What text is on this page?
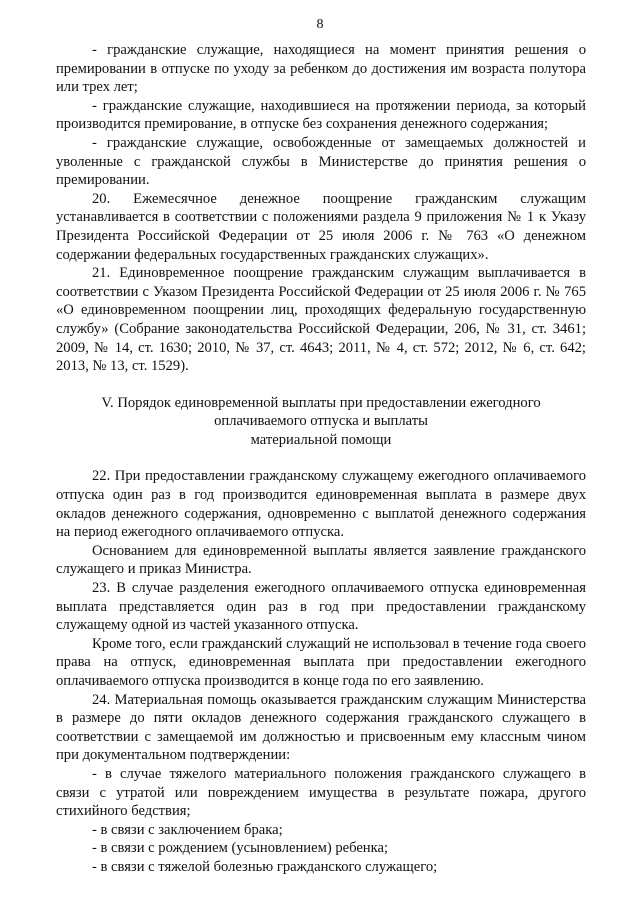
8

- гражданские служащие, находящиеся на момент принятия решения о премировании в отпуске по уходу за ребенком до достижения им возраста полутора или трех лет;

- гражданские служащие, находившиеся на протяжении периода, за который производится премирование, в отпуске без сохранения денежного содержания;

- гражданские служащие, освобожденные от замещаемых должностей и уволенные с гражданской службы в Министерстве до принятия решения о премировании.

20. Ежемесячное денежное поощрение гражданским служащим устанавливается в соответствии с положениями раздела 9 приложения № 1 к Указу Президента Российской Федерации от 25 июля 2006 г. № 763 «О денежном содержании федеральных государственных гражданских служащих».

21. Единовременное поощрение гражданским служащим выплачивается в соответствии с Указом Президента Российской Федерации от 25 июля 2006 г. № 765 «О единовременном поощрении лиц, проходящих федеральную государственную службу» (Собрание законодательства Российской Федерации, 206, № 31, ст. 3461; 2009, № 14, ст. 1630; 2010, № 37, ст. 4643; 2011, № 4, ст. 572; 2012, № 6, ст. 642; 2013, № 13, ст. 1529).

V. Порядок единовременной выплаты при предоставлении ежегодного
оплачиваемого отпуска и выплаты
материальной помощи

22. При предоставлении гражданскому служащему ежегодного оплачиваемого отпуска один раз в год производится единовременная выплата в размере двух окладов денежного содержания, одновременно с выплатой денежного содержания на период ежегодного оплачиваемого отпуска.

Основанием для единовременной выплаты является заявление гражданского служащего и приказ Министра.

23. В случае разделения ежегодного оплачиваемого отпуска единовременная выплата представляется один раз в год при предоставлении гражданскому служащему одной из частей указанного отпуска.

Кроме того, если гражданский служащий не использовал в течение года своего права на отпуск, единовременная выплата при предоставлении ежегодного оплачиваемого отпуска производится в конце года по его заявлению.

24. Материальная помощь оказывается гражданским служащим Министерства в размере до пяти окладов денежного содержания гражданского служащего в соответствии с замещаемой им должностью и присвоенным ему классным чином при документальном подтверждении:

- в случае тяжелого материального положения гражданского служащего в связи с утратой или повреждением имущества в результате пожара, другого стихийного бедствия;

- в связи с заключением брака;

- в связи с рождением (усыновлением) ребенка;

- в связи с тяжелой болезнью гражданского служащего;
